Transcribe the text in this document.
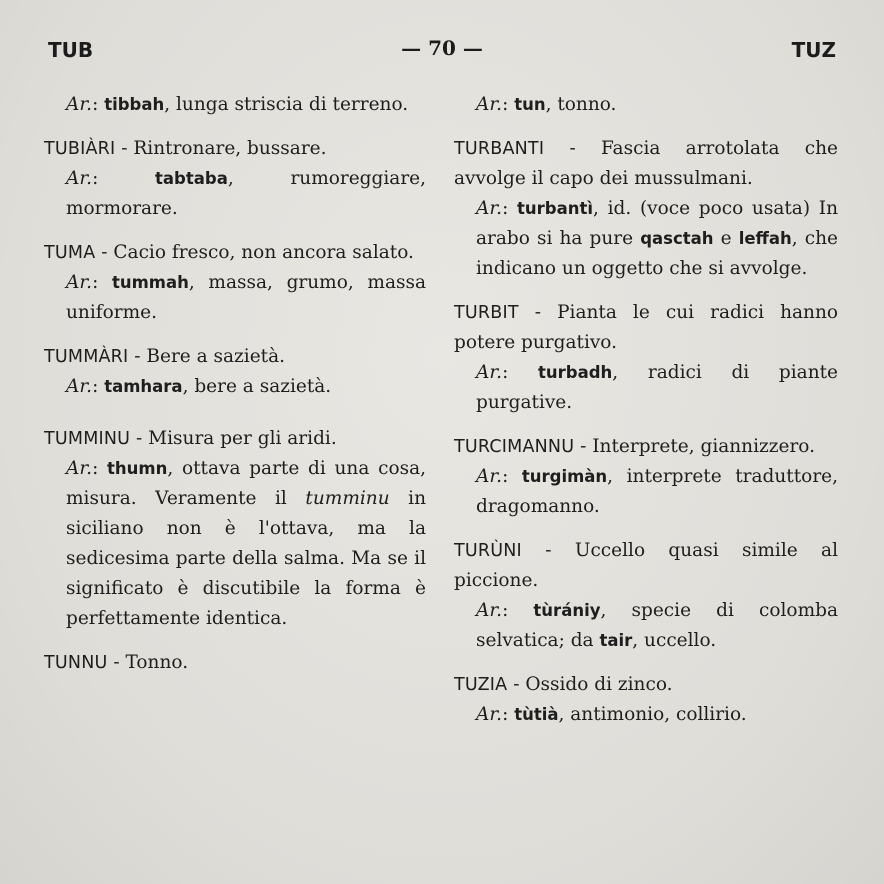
TUB	— 70 —	TUZ

Ar.: tibbah, lunga striscia di terreno.

TUBIÀRI - Rintronare, bussare.

Ar.: tabtaba, rumoreggiare, mormorare.

TUMA - Cacio fresco, non ancora salato.

Ar.: tummah, massa, grumo, massa uniforme.

TUMMÀRI - Bere a sazietà.

Ar.: tamhara, bere a sazietà.

TUMMINU - Misura per gli aridi.

Ar.: thumn, ottava parte di una cosa, misura. Veramente il tumminu in siciliano non è l'ottava, ma la sedicesima parte della salma. Ma se il significato è discutibile la forma è perfettamente identica.

TUNNU - Tonno.

Ar.: tun, tonno.

TURBANTI - Fascia arrotolata che avvolge il capo dei mussulmani.

Ar.: turbantì, id. (voce poco usata) In arabo si ha pure qasctah e leffah, che indicano un oggetto che si avvolge.

TURBIT - Pianta le cui radici hanno potere purgativo.

Ar.: turbadh, radici di piante purgative.

TURCIMANNU - Interprete, giannizzero.

Ar.: turgimàn, interprete traduttore, dragomanno.

TURÙNI - Uccello quasi simile al piccione.

Ar.: tùrániy, specie di colomba selvatica; da tair, uccello.

TUZIA - Ossido di zinco.

Ar.: tùtià, antimonio, collirio.
